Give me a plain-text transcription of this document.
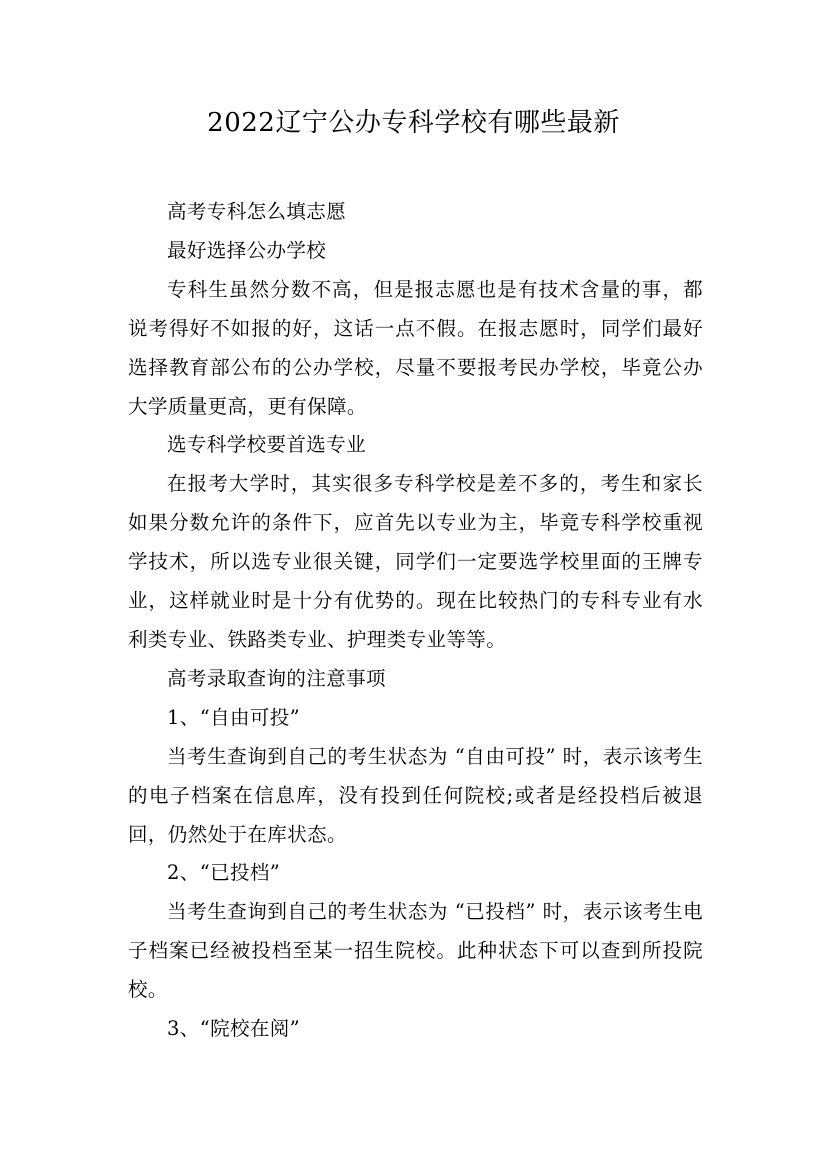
2022辽宁公办专科学校有哪些最新

高考专科怎么填志愿

最好选择公办学校

专科生虽然分数不高，但是报志愿也是有技术含量的事，都说考得好不如报的好，这话一点不假。在报志愿时，同学们最好选择教育部公布的公办学校，尽量不要报考民办学校，毕竟公办大学质量更高，更有保障。

选专科学校要首选专业

在报考大学时，其实很多专科学校是差不多的，考生和家长如果分数允许的条件下，应首先以专业为主，毕竟专科学校重视学技术，所以选专业很关键，同学们一定要选学校里面的王牌专业，这样就业时是十分有优势的。现在比较热门的专科专业有水利类专业、铁路类专业、护理类专业等等。

高考录取查询的注意事项

1、“自由可投”

当考生查询到自己的考生状态为 “自由可投” 时，表示该考生的电子档案在信息库，没有投到任何院校;或者是经投档后被退回，仍然处于在库状态。

2、“已投档”

当考生查询到自己的考生状态为 “已投档” 时，表示该考生电子档案已经被投档至某一招生院校。此种状态下可以查到所投院校。

3、“院校在阅”
